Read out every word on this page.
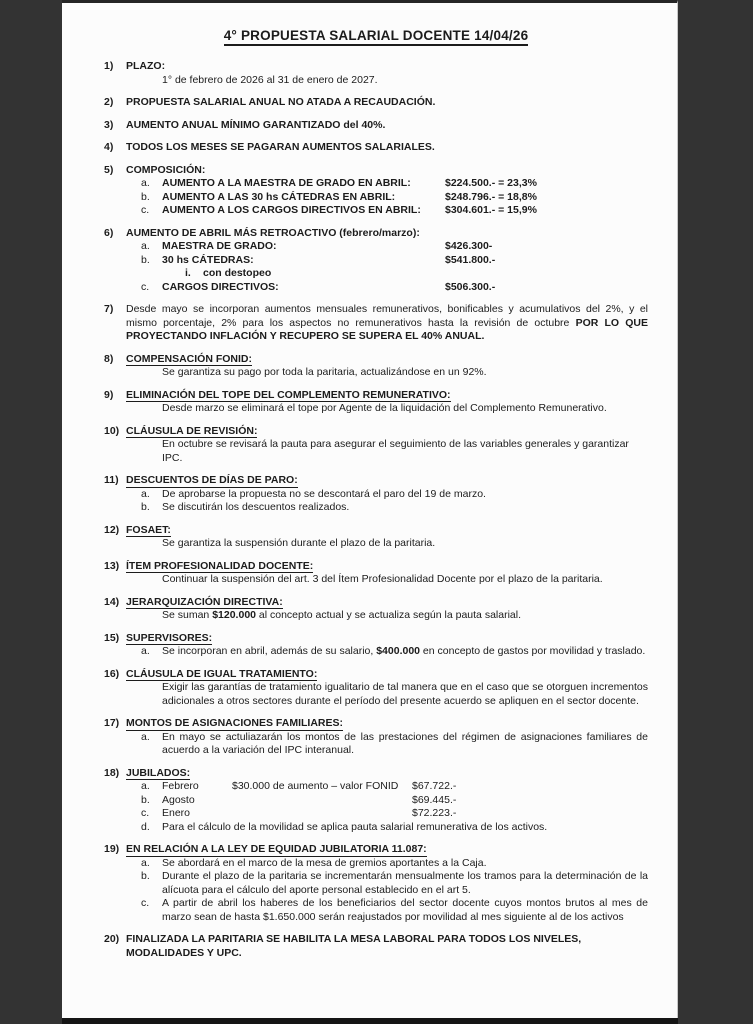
4° PROPUESTA SALARIAL DOCENTE 14/04/26
1)	PLAZO:
1° de febrero de 2026 al 31 de enero de 2027.
2)	PROPUESTA SALARIAL ANUAL NO ATADA A RECAUDACIÓN.
3)	AUMENTO ANUAL MÍNIMO GARANTIZADO del 40%.
4)	TODOS LOS MESES SE PAGARAN AUMENTOS SALARIALES.
5)	COMPOSICIÓN:
a.	AUMENTO A LA MAESTRA DE GRADO EN ABRIL:	$224.500.- = 23,3%
b.	AUMENTO A LAS 30 hs CÁTEDRAS EN ABRIL:	$248.796.- = 18,8%
c.	AUMENTO A LOS CARGOS DIRECTIVOS EN ABRIL:	$304.601.- = 15,9%
6)	AUMENTO DE ABRIL MÁS RETROACTIVO (febrero/marzo):
a.	MAESTRA DE GRADO:	$426.300-
b.	30 hs CÁTEDRAS:	$541.800.-
i.	con destopeo
c.	CARGOS DIRECTIVOS:	$506.300.-
7)	Desde mayo se incorporan aumentos mensuales remunerativos, bonificables y acumulativos del 2%, y el mismo porcentaje, 2% para los aspectos no remunerativos hasta la revisión de octubre POR LO QUE PROYECTANDO INFLACIÓN Y RECUPERO SE SUPERA EL 40% ANUAL.
8)	COMPENSACIÓN FONID:
Se garantiza su pago por toda la paritaria, actualizándose en un 92%.
9)	ELIMINACIÓN DEL TOPE DEL COMPLEMENTO REMUNERATIVO:
Desde marzo se eliminará el tope por Agente de la liquidación del Complemento Remunerativo.
10) CLÁUSULA DE REVISIÓN:
En octubre se revisará la pauta para asegurar el seguimiento de las variables generales y garantizar IPC.
11) DESCUENTOS DE DÍAS DE PARO:
a.	De aprobarse la propuesta no se descontará el paro del 19 de marzo.
b.	Se discutirán los descuentos realizados.
12) FOSAET:
Se garantiza la suspensión durante el plazo de la paritaria.
13) ÍTEM PROFESIONALIDAD DOCENTE:
Continuar la suspensión del art. 3 del Ítem Profesionalidad Docente por el plazo de la paritaria.
14) JERARQUIZACIÓN DIRECTIVA:
Se suman $120.000 al concepto actual y se actualiza según la pauta salarial.
15) SUPERVISORES:
a.	Se incorporan en abril, además de su salario, $400.000 en concepto de gastos por movilidad y traslado.
16) CLÁUSULA DE IGUAL TRATAMIENTO:
Exigir las garantías de tratamiento igualitario de tal manera que en el caso que se otorguen incrementos adicionales a otros sectores durante el período del presente acuerdo se apliquen en el sector docente.
17) MONTOS DE ASIGNACIONES FAMILIARES:
a.	En mayo se actuliazarán los montos de las prestaciones del régimen de asignaciones familiares de acuerdo a la variación del IPC interanual.
18) JUBILADOS:
a.	Febrero	$30.000 de aumento – valor FONID $67.722.-
b.	Agosto	$69.445.-
c.	Enero	$72.223.-
d.	Para el cálculo de la movilidad se aplica pauta salarial remunerativa de los activos.
19) EN RELACIÓN A LA LEY DE EQUIDAD JUBILATORIA 11.087:
a.	Se abordará en el marco de la mesa de gremios aportantes a la Caja.
b.	Durante el plazo de la paritaria se incrementarán mensualmente los tramos para la determinación de la alícuota para el cálculo del aporte personal establecido en el art 5.
c.	A partir de abril los haberes de los beneficiarios del sector docente cuyos montos brutos al mes de marzo sean de hasta $1.650.000 serán reajustados por movilidad al mes siguiente al de los activos
20) FINALIZADA LA PARITARIA SE HABILITA LA MESA LABORAL PARA TODOS LOS NIVELES, MODALIDADES Y UPC.
